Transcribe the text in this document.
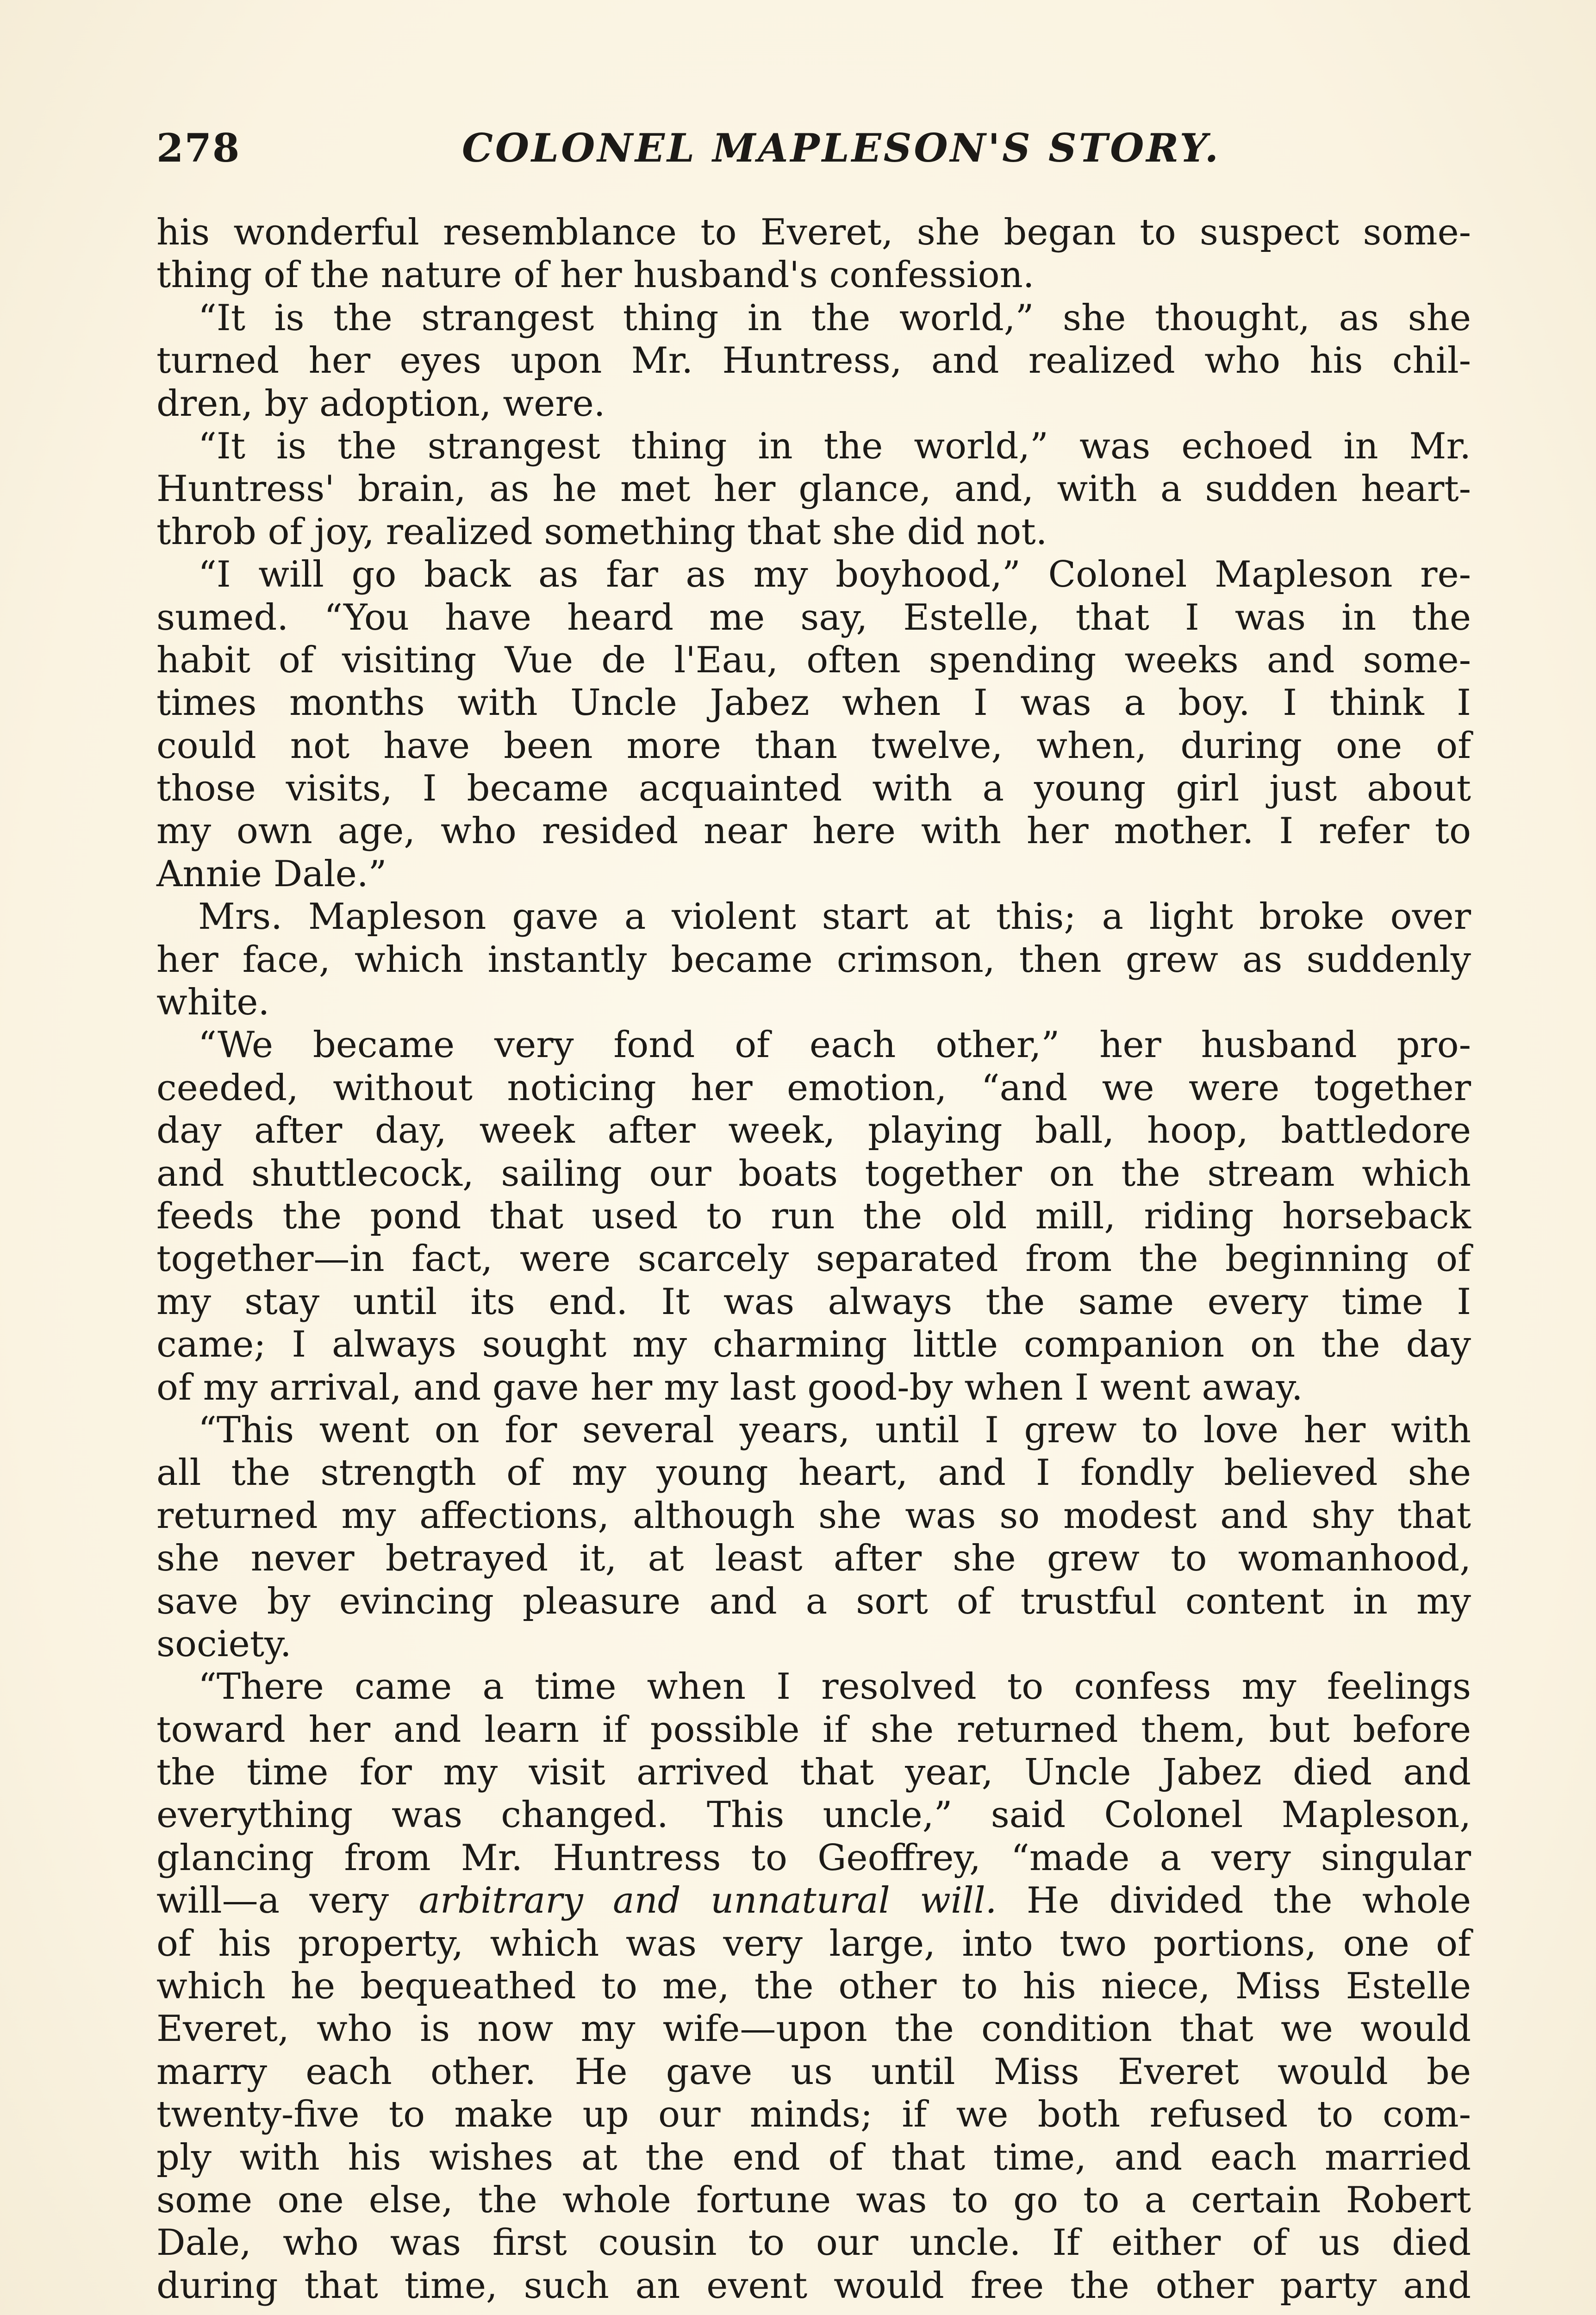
278	COLONEL MAPLESON'S STORY.
his wonderful resemblance to Everet, she began to suspect some-
thing of the nature of her husband's confession.
“It is the strangest thing in the world,” she thought, as she
turned her eyes upon Mr. Huntress, and realized who his chil-
dren, by adoption, were.
“It is the strangest thing in the world,” was echoed in Mr.
Huntress' brain, as he met her glance, and, with a sudden heart-
throb of joy, realized something that she did not.
“I will go back as far as my boyhood,” Colonel Mapleson re-
sumed. “You have heard me say, Estelle, that I was in the
habit of visiting Vue de l'Eau, often spending weeks and some-
times months with Uncle Jabez when I was a boy. I think I
could not have been more than twelve, when, during one of
those visits, I became acquainted with a young girl just about
my own age, who resided near here with her mother. I refer to
Annie Dale.”
Mrs. Mapleson gave a violent start at this; a light broke over
her face, which instantly became crimson, then grew as suddenly
white.
“We became very fond of each other,” her husband pro-
ceeded, without noticing her emotion, “and we were together
day after day, week after week, playing ball, hoop, battledore
and shuttlecock, sailing our boats together on the stream which
feeds the pond that used to run the old mill, riding horseback
together—in fact, were scarcely separated from the beginning of
my stay until its end. It was always the same every time I
came; I always sought my charming little companion on the day
of my arrival, and gave her my last good-by when I went away.
“This went on for several years, until I grew to love her with
all the strength of my young heart, and I fondly believed she
returned my affections, although she was so modest and shy that
she never betrayed it, at least after she grew to womanhood,
save by evincing pleasure and a sort of trustful content in my
society.
“There came a time when I resolved to confess my feelings
toward her and learn if possible if she returned them, but before
the time for my visit arrived that year, Uncle Jabez died and
everything was changed. This uncle,” said Colonel Mapleson,
glancing from Mr. Huntress to Geoffrey, “made a very singular
will—a very arbitrary and unnatural will. He divided the whole
of his property, which was very large, into two portions, one of
which he bequeathed to me, the other to his niece, Miss Estelle
Everet, who is now my wife—upon the condition that we would
marry each other. He gave us until Miss Everet would be
twenty-five to make up our minds; if we both refused to com-
ply with his wishes at the end of that time, and each married
some one else, the whole fortune was to go to a certain Robert
Dale, who was first cousin to our uncle. If either of us died
during that time, such an event would free the other party and
